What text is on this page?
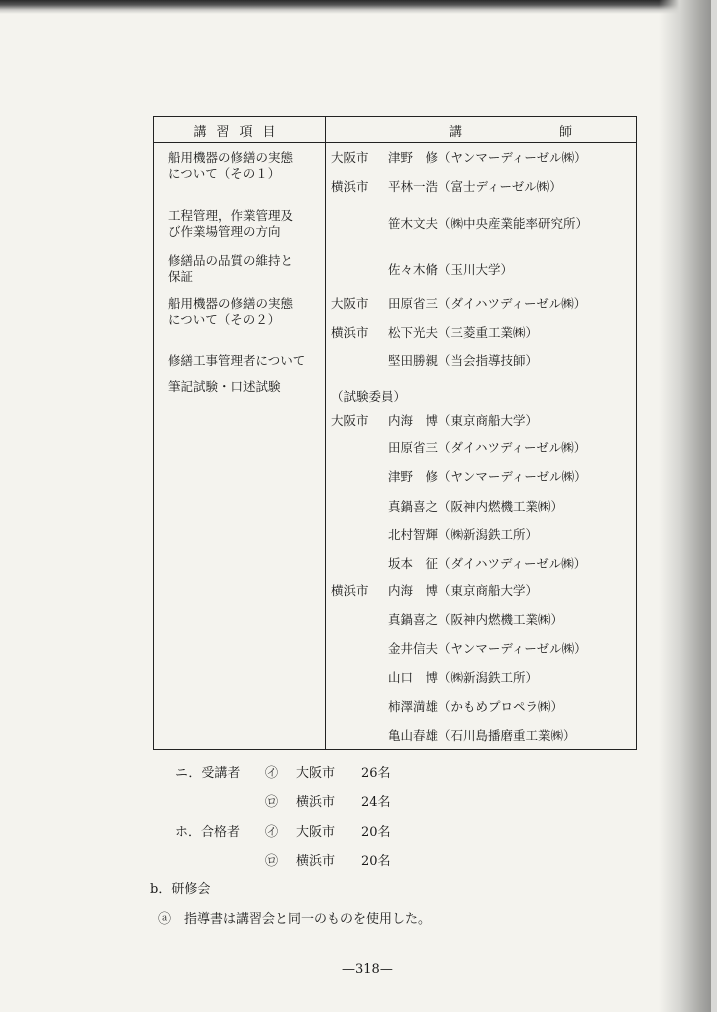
講習項目	講	師
船用機器の修繕の実態
について（その１）
工程管理，作業管理及
び作業場管理の方向
修繕品の品質の維持と
保証
船用機器の修繕の実態
について（その２）
修繕工事管理者について
筆記試験・口述試験
大阪市 津野　修（ヤンマーディーゼル㈱）
横浜市 平林一浩（富士ディーゼル㈱）
笹木文夫（㈱中央産業能率研究所）
佐々木脩（玉川大学）
大阪市 田原省三（ダイハツディーゼル㈱）
横浜市 松下光夫（三菱重工業㈱）
堅田勝親（当会指導技師）
（試験委員）
大阪市 内海　博（東京商船大学）
田原省三（ダイハツディーゼル㈱）
津野　修（ヤンマーディーゼル㈱）
真鍋喜之（阪神内燃機工業㈱）
北村智輝（㈱新潟鉄工所）
坂本　征（ダイハツディーゼル㈱）
横浜市 内海　博（東京商船大学）
真鍋喜之（阪神内燃機工業㈱）
金井信夫（ヤンマーディーゼル㈱）
山口　博（㈱新潟鉄工所）
柿澤満雄（かもめプロペラ㈱）
亀山春雄（石川島播磨重工業㈱）
ニ．受講者 ㋑ 大阪市 26名
㋺ 横浜市 24名
ホ．合格者 ㋑ 大阪市 20名
㋺ 横浜市 20名
b．研修会
ⓐ　指導書は講習会と同一のものを使用した。
—318—
